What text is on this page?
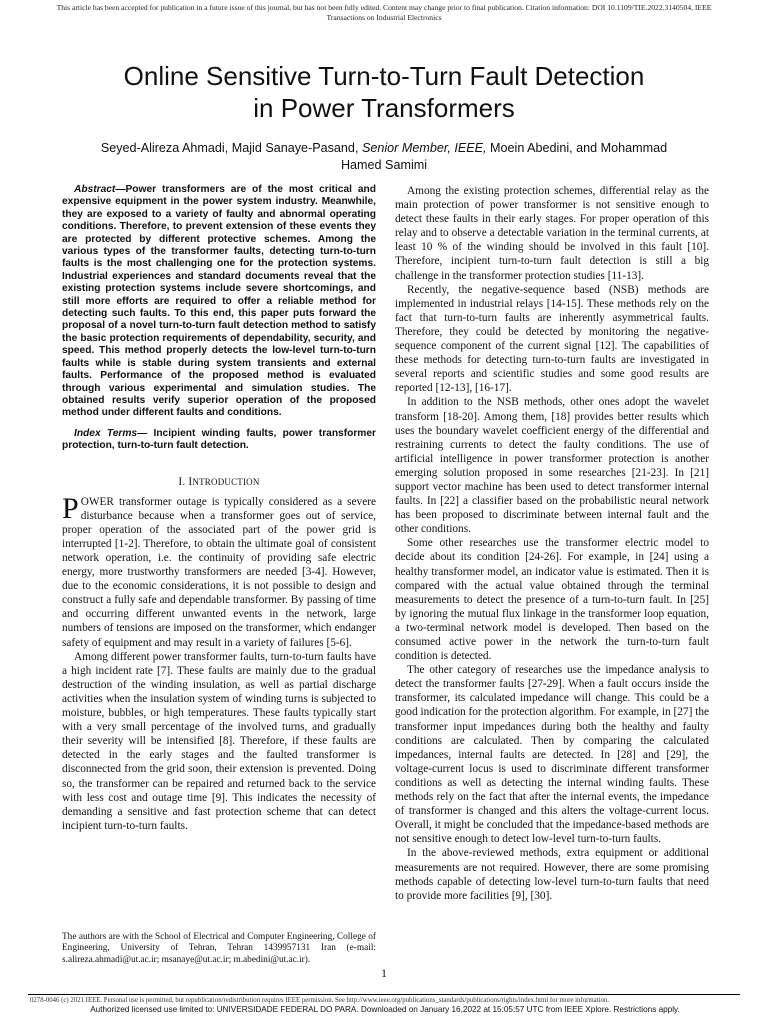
This article has been accepted for publication in a future issue of this journal, but has not been fully edited. Content may change prior to final publication. Citation information: DOI 10.1109/TIE.2022.3140504, IEEE
Transactions on Industrial Electronics
Online Sensitive Turn-to-Turn Fault Detection
in Power Transformers
Seyed-Alireza Ahmadi, Majid Sanaye-Pasand, Senior Member, IEEE, Moein Abedini, and Mohammad
Hamed Samimi

Abstract—Power transformers are of the most critical and expensive equipment in the power system industry. Meanwhile, they are exposed to a variety of faulty and abnormal operating conditions. Therefore, to prevent extension of these events they are protected by different protective schemes. Among the various types of the transformer faults, detecting turn-to-turn faults is the most challenging one for the protection systems. Industrial experiences and standard documents reveal that the existing protection systems include severe shortcomings, and still more efforts are required to offer a reliable method for detecting such faults. To this end, this paper puts forward the proposal of a novel turn-to-turn fault detection method to satisfy the basic protection requirements of dependability, security, and speed. This method properly detects the low-level turn-to-turn faults while is stable during system transients and external faults. Performance of the proposed method is evaluated through various experimental and simulation studies. The obtained results verify superior operation of the proposed method under different faults and conditions.

Index Terms— Incipient winding faults, power transformer protection, turn-to-turn fault detection.

I. INTRODUCTION

POWER transformer outage is typically considered as a severe disturbance because when a transformer goes out of service, proper operation of the associated part of the power grid is interrupted [1-2]. Therefore, to obtain the ultimate goal of consistent network operation, i.e. the continuity of providing safe electric energy, more trustworthy transformers are needed [3-4]. However, due to the economic considerations, it is not possible to design and construct a fully safe and dependable transformer. By passing of time and occurring different unwanted events in the network, large numbers of tensions are imposed on the transformer, which endanger safety of equipment and may result in a variety of failures [5-6].

Among different power transformer faults, turn-to-turn faults have a high incident rate [7]. These faults are mainly due to the gradual destruction of the winding insulation, as well as partial discharge activities when the insulation system of winding turns is subjected to moisture, bubbles, or high temperatures. These faults typically start with a very small percentage of the involved turns, and gradually their severity will be intensified [8]. Therefore, if these faults are detected in the early stages and the faulted transformer is disconnected from the grid soon, their extension is prevented. Doing so, the transformer can be repaired and returned back to the service with less cost and outage time [9]. This indicates the necessity of demanding a sensitive and fast protection scheme that can detect incipient turn-to-turn faults.

Among the existing protection schemes, differential relay as the main protection of power transformer is not sensitive enough to detect these faults in their early stages. For proper operation of this relay and to observe a detectable variation in the terminal currents, at least 10 % of the winding should be involved in this fault [10]. Therefore, incipient turn-to-turn fault detection is still a big challenge in the transformer protection studies [11-13].

Recently, the negative-sequence based (NSB) methods are implemented in industrial relays [14-15]. These methods rely on the fact that turn-to-turn faults are inherently asymmetrical faults. Therefore, they could be detected by monitoring the negative-sequence component of the current signal [12]. The capabilities of these methods for detecting turn-to-turn faults are investigated in several reports and scientific studies and some good results are reported [12-13], [16-17].

In addition to the NSB methods, other ones adopt the wavelet transform [18-20]. Among them, [18] provides better results which uses the boundary wavelet coefficient energy of the differential and restraining currents to detect the faulty conditions. The use of artificial intelligence in power transformer protection is another emerging solution proposed in some researches [21-23]. In [21] support vector machine has been used to detect transformer internal faults. In [22] a classifier based on the probabilistic neural network has been proposed to discriminate between internal fault and the other conditions.

Some other researches use the transformer electric model to decide about its condition [24-26]. For example, in [24] using a healthy transformer model, an indicator value is estimated. Then it is compared with the actual value obtained through the terminal measurements to detect the presence of a turn-to-turn fault. In [25] by ignoring the mutual flux linkage in the transformer loop equation, a two-terminal network model is developed. Then based on the consumed active power in the network the turn-to-turn fault condition is detected.

The other category of researches use the impedance analysis to detect the transformer faults [27-29]. When a fault occurs inside the transformer, its calculated impedance will change. This could be a good indication for the protection algorithm. For example, in [27] the transformer input impedances during both the healthy and faulty conditions are calculated. Then by comparing the calculated impedances, internal faults are detected. In [28] and [29], the voltage-current locus is used to discriminate different transformer conditions as well as detecting the internal winding faults. These methods rely on the fact that after the internal events, the impedance of transformer is changed and this alters the voltage-current locus. Overall, it might be concluded that the impedance-based methods are not sensitive enough to detect low-level turn-to-turn faults.

In the above-reviewed methods, extra equipment or additional measurements are not required. However, there are some promising methods capable of detecting low-level turn-to-turn faults that need to provide more facilities [9], [30].

The authors are with the School of Electrical and Computer Engineering, College of Engineering, University of Tehran, Tehran 1439957131 Iran (e-mail: s.alireza.ahmadi@ut.ac.ir; msanaye@ut.ac.ir; m.abedini@ut.ac.ir).
1
0278-0046 (c) 2021 IEEE. Personal use is permitted, but republication/redistribution requires IEEE permission. See http://www.ieee.org/publications_standards/publications/rights/index.html for more information.
Authorized licensed use limited to: UNIVERSIDADE FEDERAL DO PARA. Downloaded on January 16,2022 at 15:05:57 UTC from IEEE Xplore. Restrictions apply.
